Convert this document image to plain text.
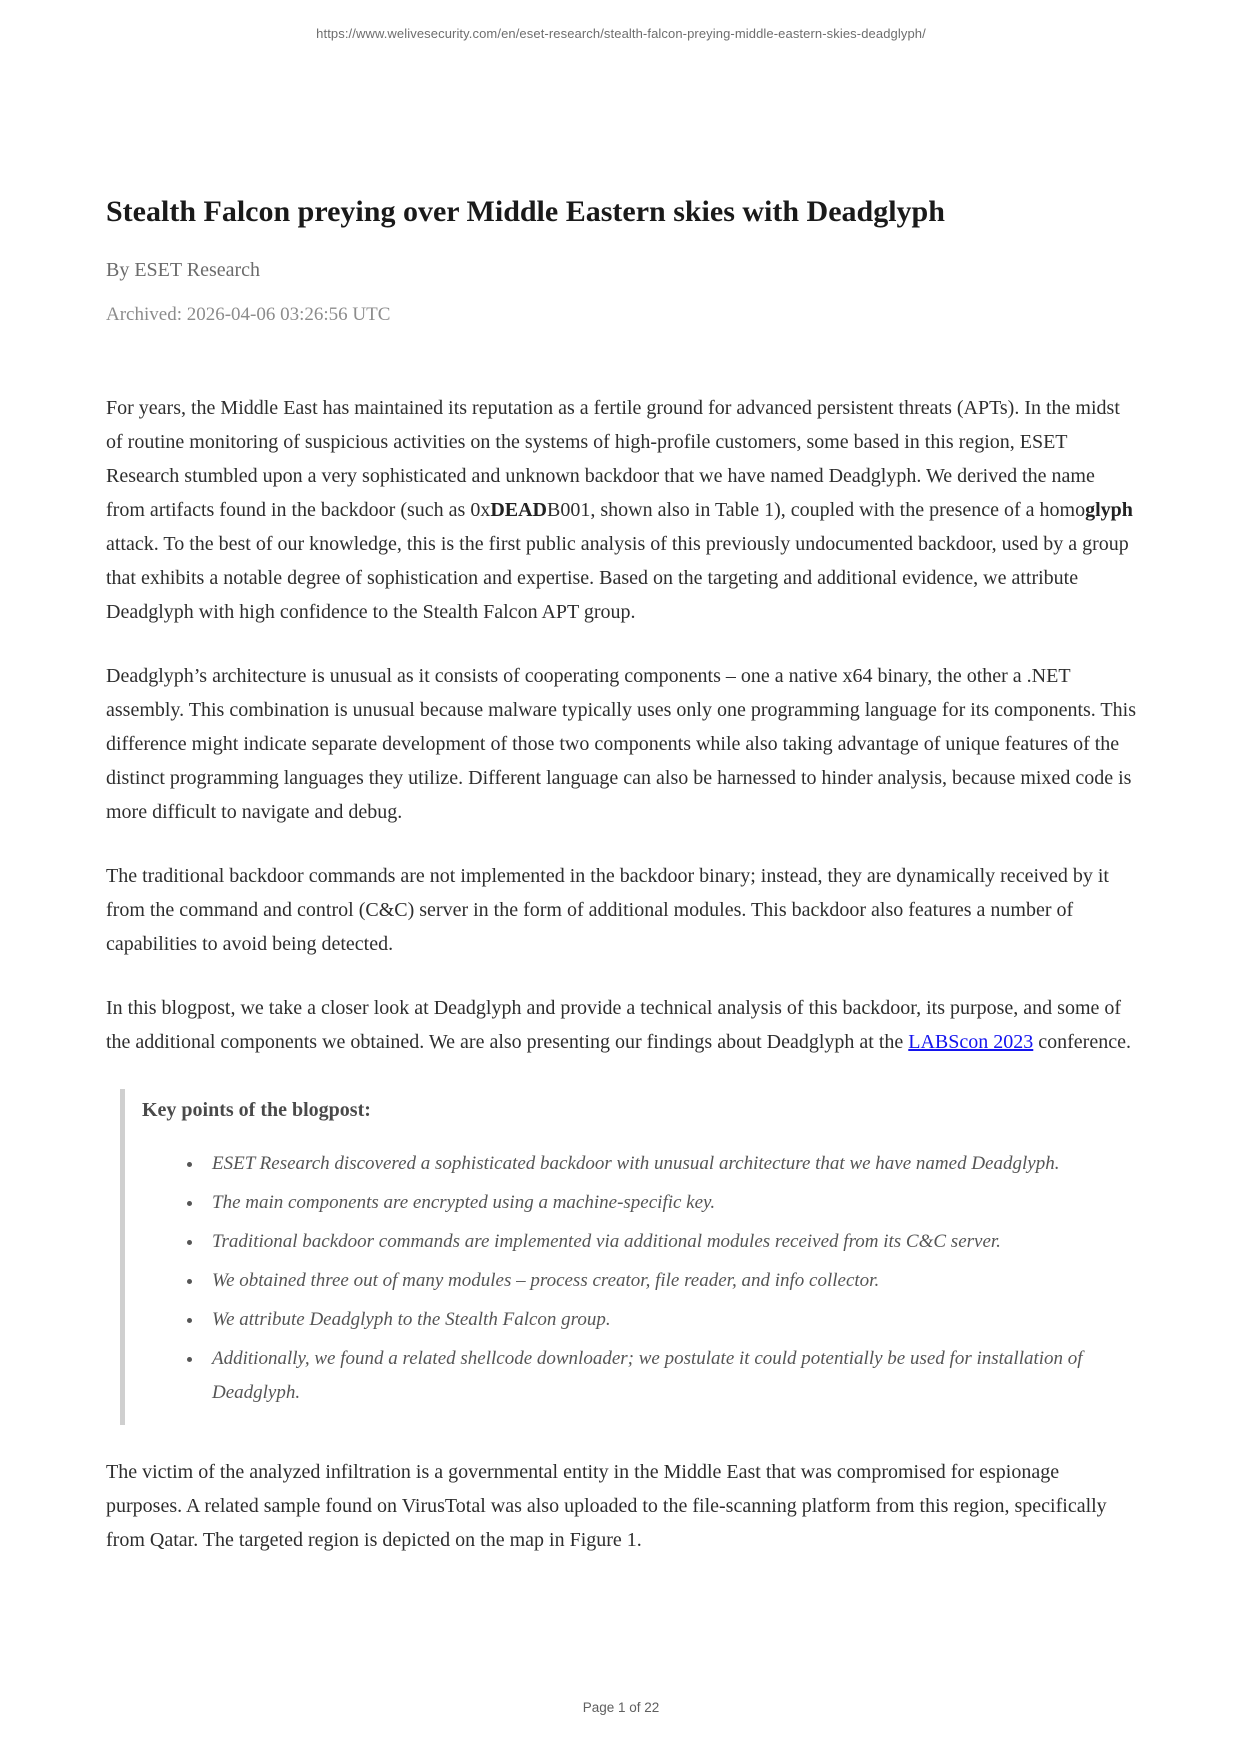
https://www.welivesecurity.com/en/eset-research/stealth-falcon-preying-middle-eastern-skies-deadglyph/
Stealth Falcon preying over Middle Eastern skies with Deadglyph
By ESET Research
Archived: 2026-04-06 03:26:56 UTC

For years, the Middle East has maintained its reputation as a fertile ground for advanced persistent threats (APTs). In the midst of routine monitoring of suspicious activities on the systems of high-profile customers, some based in this region, ESET Research stumbled upon a very sophisticated and unknown backdoor that we have named Deadglyph. We derived the name from artifacts found in the backdoor (such as 0xDEADB001, shown also in Table 1), coupled with the presence of a homoglyph attack. To the best of our knowledge, this is the first public analysis of this previously undocumented backdoor, used by a group that exhibits a notable degree of sophistication and expertise. Based on the targeting and additional evidence, we attribute Deadglyph with high confidence to the Stealth Falcon APT group.

Deadglyph’s architecture is unusual as it consists of cooperating components – one a native x64 binary, the other a .NET assembly. This combination is unusual because malware typically uses only one programming language for its components. This difference might indicate separate development of those two components while also taking advantage of unique features of the distinct programming languages they utilize. Different language can also be harnessed to hinder analysis, because mixed code is more difficult to navigate and debug.

The traditional backdoor commands are not implemented in the backdoor binary; instead, they are dynamically received by it from the command and control (C&C) server in the form of additional modules. This backdoor also features a number of capabilities to avoid being detected.

In this blogpost, we take a closer look at Deadglyph and provide a technical analysis of this backdoor, its purpose, and some of the additional components we obtained. We are also presenting our findings about Deadglyph at the LABScon 2023 conference.

Key points of the blogpost:
• ESET Research discovered a sophisticated backdoor with unusual architecture that we have named Deadglyph.
• The main components are encrypted using a machine-specific key.
• Traditional backdoor commands are implemented via additional modules received from its C&C server.
• We obtained three out of many modules – process creator, file reader, and info collector.
• We attribute Deadglyph to the Stealth Falcon group.
• Additionally, we found a related shellcode downloader; we postulate it could potentially be used for installation of Deadglyph.

The victim of the analyzed infiltration is a governmental entity in the Middle East that was compromised for espionage purposes. A related sample found on VirusTotal was also uploaded to the file-scanning platform from this region, specifically from Qatar. The targeted region is depicted on the map in Figure 1.

Page 1 of 22
